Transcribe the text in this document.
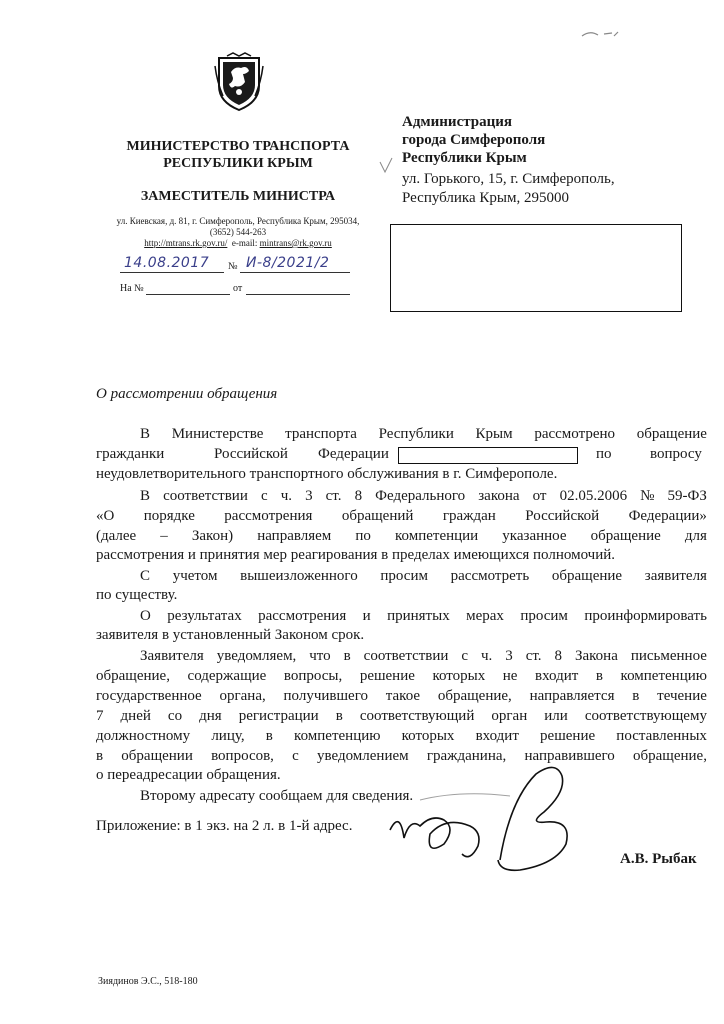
МИНИСТЕРСТВО ТРАНСПОРТА
РЕСПУБЛИКИ КРЫМ
ЗАМЕСТИТЕЛЬ МИНИСТРА
ул. Киевская, д. 81, г. Симферополь, Республика Крым, 295034,
(3652) 544-263
http://mtrans.rk.gov.ru/ e-mail: mintrans@rk.gov.ru
14.08.2017 № И-8/2021/2
На №	от
Администрация
города Симферополя
Республики Крым
ул. Горького, 15, г. Симферополь,
Республика Крым, 295000
О рассмотрении обращения
В Министерстве транспорта Республики Крым рассмотрено обращение
гражданки	Российской Федерации	по	вопросу
неудовлетворительного транспортного обслуживания в г. Симферополе.
В соответствии с ч. 3 ст. 8 Федерального закона от 02.05.2006 № 59-ФЗ
«О порядке рассмотрения обращений граждан Российской Федерации»
(далее – Закон) направляем по компетенции указанное обращение для
рассмотрения и принятия мер реагирования в пределах имеющихся полномочий.
С учетом вышеизложенного просим рассмотреть обращение заявителя
по существу.
О результатах рассмотрения и принятых мерах просим проинформировать
заявителя в установленный Законом срок.
Заявителя уведомляем, что в соответствии с ч. 3 ст. 8 Закона письменное
обращение, содержащие вопросы, решение которых не входит в компетенцию
государственное органа, получившего такое обращение, направляется в течение
7 дней со дня регистрации в соответствующий орган или соответствующему
должностному лицу, в компетенцию которых входит решение поставленных
в обращении вопросов, с уведомлением гражданина, направившего обращение,
о переадресации обращения.
Второму адресату сообщаем для сведения.
Приложение: в 1 экз. на 2 л. в 1-й адрес.
А.В. Рыбак
Зиядинов Э.С., 518-180
